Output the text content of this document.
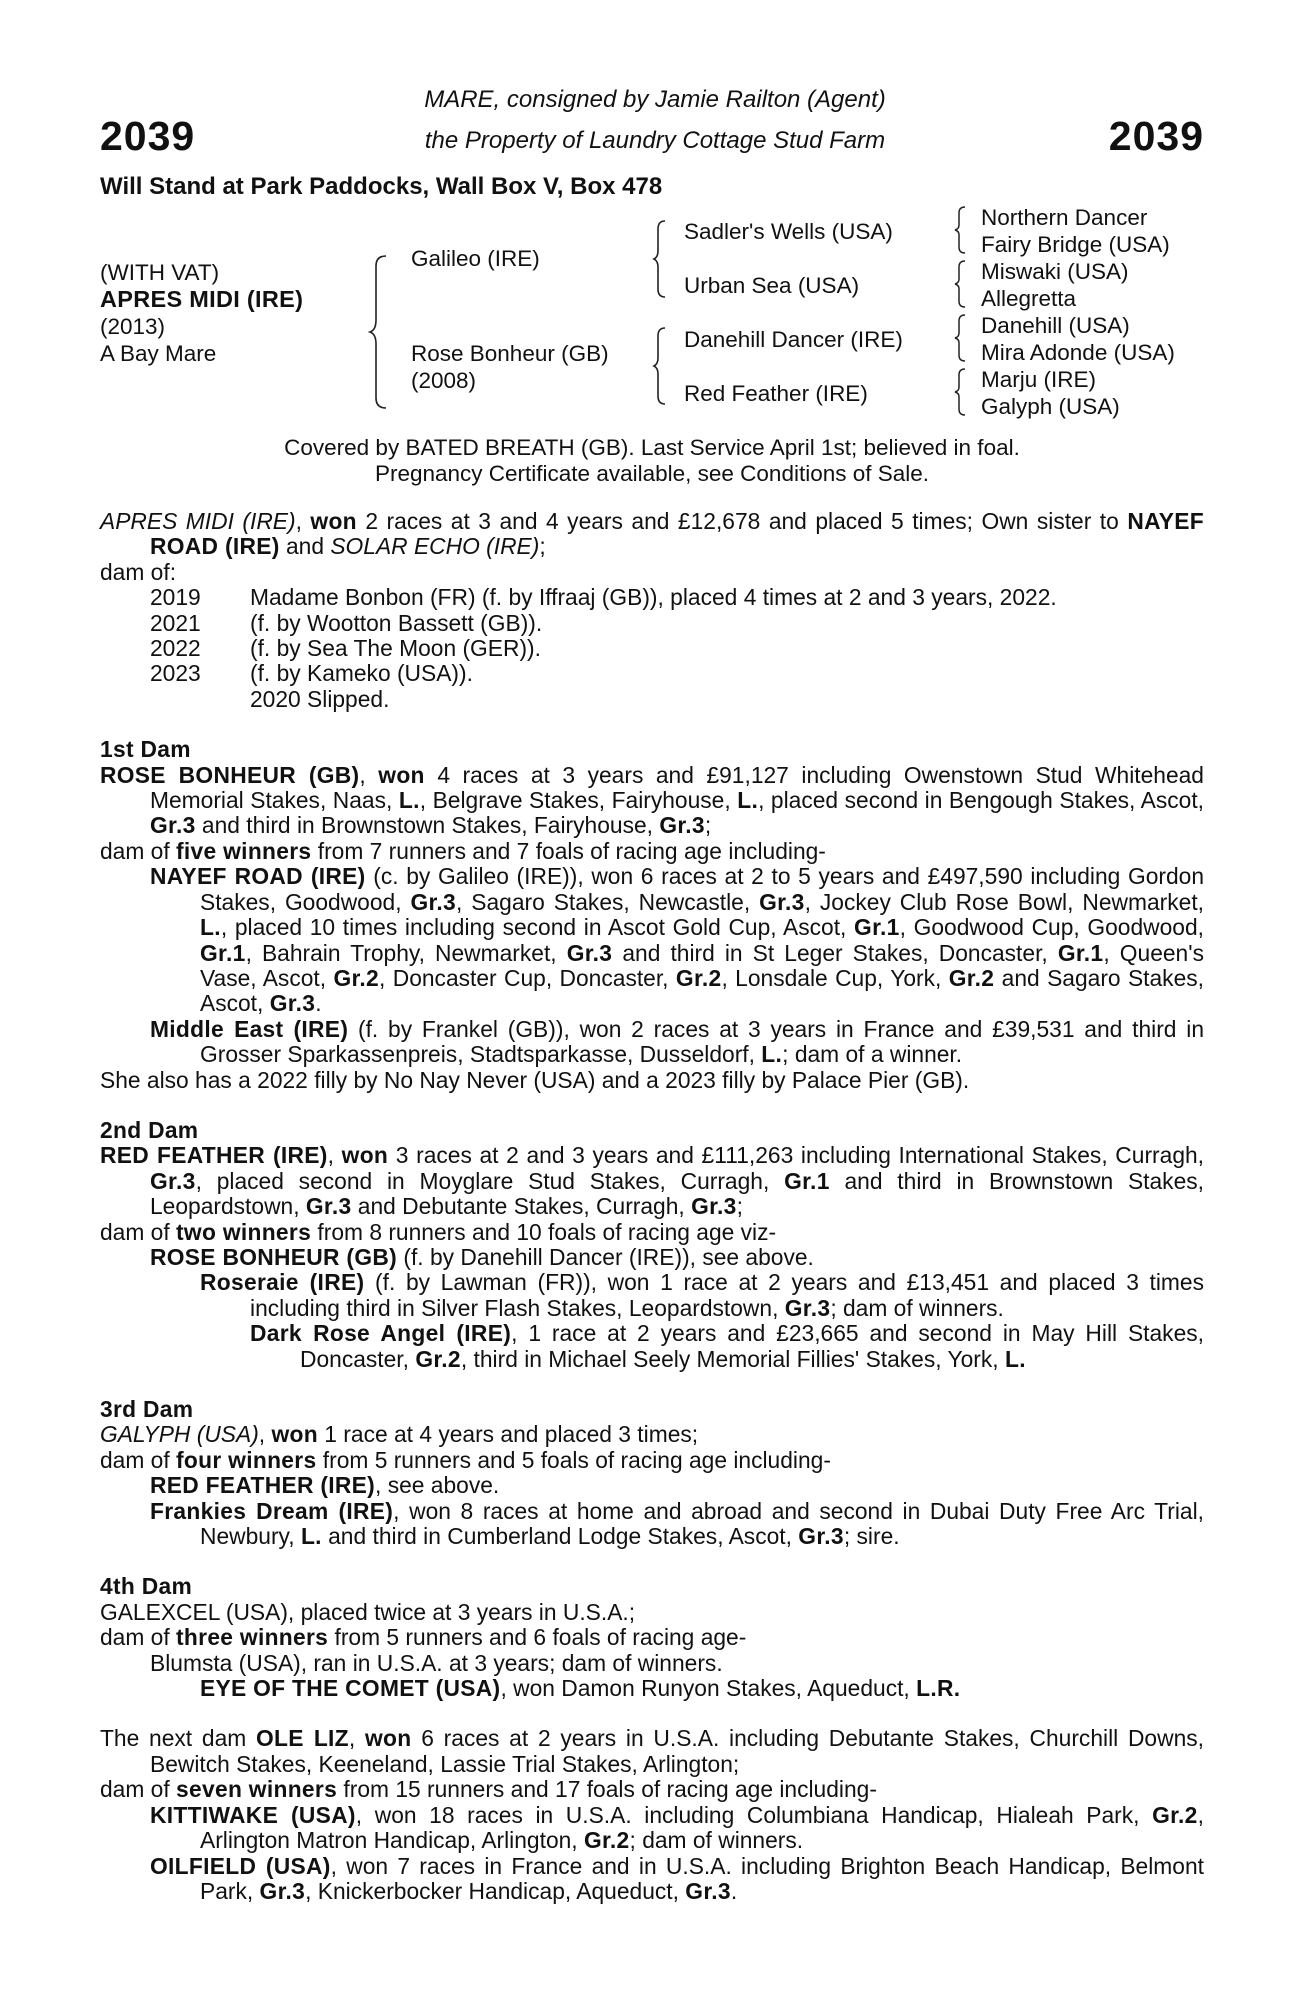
2039	2039
MARE, consigned by Jamie Railton (Agent)
the Property of Laundry Cottage Stud Farm
Will Stand at Park Paddocks, Wall Box V, Box 478
(WITH VAT)
APRES MIDI (IRE)
(2013)
A Bay Mare
Galileo (IRE)
Rose Bonheur (GB)
(2008)
Sadler's Wells (USA)
Urban Sea (USA)
Danehill Dancer (IRE)
Red Feather (IRE)
Northern Dancer
Fairy Bridge (USA)
Miswaki (USA)
Allegretta
Danehill (USA)
Mira Adonde (USA)
Marju (IRE)
Galyph (USA)
Covered by BATED BREATH (GB). Last Service April 1st; believed in foal.
Pregnancy Certificate available, see Conditions of Sale.
APRES MIDI (IRE), won 2 races at 3 and 4 years and £12,678 and placed 5 times; Own sister to NAYEF ROAD (IRE) and SOLAR ECHO (IRE);
dam of:
2019	Madame Bonbon (FR) (f. by Iffraaj (GB)), placed 4 times at 2 and 3 years, 2022.
2021	(f. by Wootton Bassett (GB)).
2022	(f. by Sea The Moon (GER)).
2023	(f. by Kameko (USA)).
2020 Slipped.
1st Dam
ROSE BONHEUR (GB), won 4 races at 3 years and £91,127 including Owenstown Stud Whitehead Memorial Stakes, Naas, L., Belgrave Stakes, Fairyhouse, L., placed second in Bengough Stakes, Ascot, Gr.3 and third in Brownstown Stakes, Fairyhouse, Gr.3;
dam of five winners from 7 runners and 7 foals of racing age including-
NAYEF ROAD (IRE) (c. by Galileo (IRE)), won 6 races at 2 to 5 years and £497,590 including Gordon Stakes, Goodwood, Gr.3, Sagaro Stakes, Newcastle, Gr.3, Jockey Club Rose Bowl, Newmarket, L., placed 10 times including second in Ascot Gold Cup, Ascot, Gr.1, Goodwood Cup, Goodwood, Gr.1, Bahrain Trophy, Newmarket, Gr.3 and third in St Leger Stakes, Doncaster, Gr.1, Queen's Vase, Ascot, Gr.2, Doncaster Cup, Doncaster, Gr.2, Lonsdale Cup, York, Gr.2 and Sagaro Stakes, Ascot, Gr.3.
Middle East (IRE) (f. by Frankel (GB)), won 2 races at 3 years in France and £39,531 and third in Grosser Sparkassenpreis, Stadtsparkasse, Dusseldorf, L.; dam of a winner.
She also has a 2022 filly by No Nay Never (USA) and a 2023 filly by Palace Pier (GB).
2nd Dam
RED FEATHER (IRE), won 3 races at 2 and 3 years and £111,263 including International Stakes, Curragh, Gr.3, placed second in Moyglare Stud Stakes, Curragh, Gr.1 and third in Brownstown Stakes, Leopardstown, Gr.3 and Debutante Stakes, Curragh, Gr.3;
dam of two winners from 8 runners and 10 foals of racing age viz-
ROSE BONHEUR (GB) (f. by Danehill Dancer (IRE)), see above.
Roseraie (IRE) (f. by Lawman (FR)), won 1 race at 2 years and £13,451 and placed 3 times including third in Silver Flash Stakes, Leopardstown, Gr.3; dam of winners.
Dark Rose Angel (IRE), 1 race at 2 years and £23,665 and second in May Hill Stakes, Doncaster, Gr.2, third in Michael Seely Memorial Fillies' Stakes, York, L.
3rd Dam
GALYPH (USA), won 1 race at 4 years and placed 3 times;
dam of four winners from 5 runners and 5 foals of racing age including-
RED FEATHER (IRE), see above.
Frankies Dream (IRE), won 8 races at home and abroad and second in Dubai Duty Free Arc Trial, Newbury, L. and third in Cumberland Lodge Stakes, Ascot, Gr.3; sire.
4th Dam
GALEXCEL (USA), placed twice at 3 years in U.S.A.;
dam of three winners from 5 runners and 6 foals of racing age-
Blumsta (USA), ran in U.S.A. at 3 years; dam of winners.
EYE OF THE COMET (USA), won Damon Runyon Stakes, Aqueduct, L.R.
The next dam OLE LIZ, won 6 races at 2 years in U.S.A. including Debutante Stakes, Churchill Downs, Bewitch Stakes, Keeneland, Lassie Trial Stakes, Arlington;
dam of seven winners from 15 runners and 17 foals of racing age including-
KITTIWAKE (USA), won 18 races in U.S.A. including Columbiana Handicap, Hialeah Park, Gr.2, Arlington Matron Handicap, Arlington, Gr.2; dam of winners.
OILFIELD (USA), won 7 races in France and in U.S.A. including Brighton Beach Handicap, Belmont Park, Gr.3, Knickerbocker Handicap, Aqueduct, Gr.3.
